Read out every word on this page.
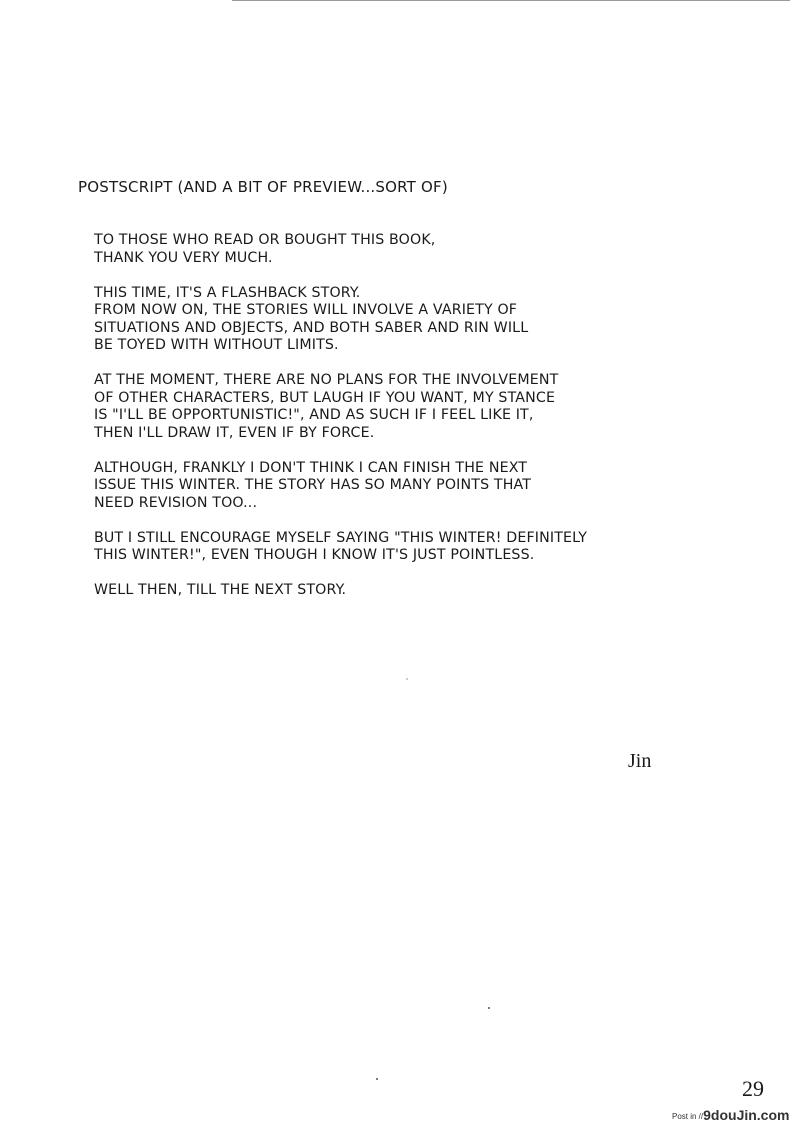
POSTSCRIPT (AND A BIT OF PREVIEW...SORT OF)
TO THOSE WHO READ OR BOUGHT THIS BOOK,
THANK YOU VERY MUCH.
THIS TIME, IT'S A FLASHBACK STORY.
FROM NOW ON, THE STORIES WILL INVOLVE A VARIETY OF
SITUATIONS AND OBJECTS, AND BOTH SABER AND RIN WILL
BE TOYED WITH WITHOUT LIMITS.
AT THE MOMENT, THERE ARE NO PLANS FOR THE INVOLVEMENT
OF OTHER CHARACTERS, BUT LAUGH IF YOU WANT, MY STANCE
IS "I'LL BE OPPORTUNISTIC!", AND AS SUCH IF I FEEL LIKE IT,
THEN I'LL DRAW IT, EVEN IF BY FORCE.
ALTHOUGH, FRANKLY I DON'T THINK I CAN FINISH THE NEXT
ISSUE THIS WINTER. THE STORY HAS SO MANY POINTS THAT
NEED REVISION TOO...
BUT I STILL ENCOURAGE MYSELF SAYING "THIS WINTER! DEFINITELY
THIS WINTER!", EVEN THOUGH I KNOW IT'S JUST POINTLESS.
WELL THEN, TILL THE NEXT STORY.
Jin
29
Post in //9douJin.com
